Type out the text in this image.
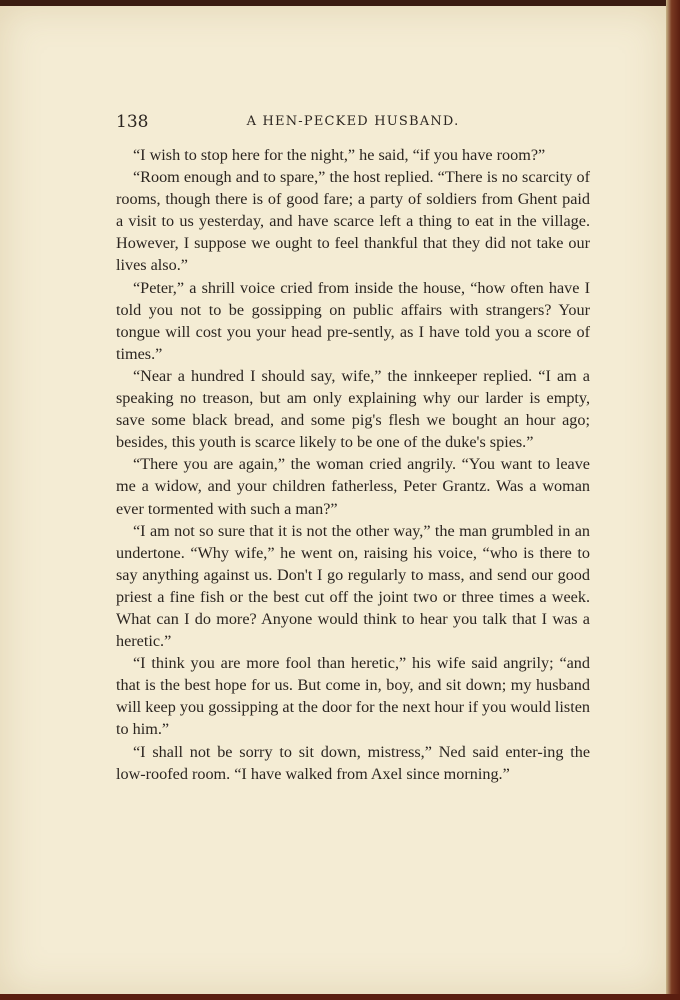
138	A HEN-PECKED HUSBAND.

“I wish to stop here for the night,” he said, “if you have room?”

“Room enough and to spare,” the host replied. “There is no scarcity of rooms, though there is of good fare; a party of soldiers from Ghent paid a visit to us yesterday, and have scarce left a thing to eat in the village. However, I suppose we ought to feel thankful that they did not take our lives also.”

“Peter,” a shrill voice cried from inside the house, “how often have I told you not to be gossipping on public affairs with strangers? Your tongue will cost you your head pre-sently, as I have told you a score of times.”

“Near a hundred I should say, wife,” the innkeeper replied. “I am a speaking no treason, but am only explaining why our larder is empty, save some black bread, and some pig's flesh we bought an hour ago; besides, this youth is scarce likely to be one of the duke's spies.”

“There you are again,” the woman cried angrily. “You want to leave me a widow, and your children fatherless, Peter Grantz. Was a woman ever tormented with such a man?”

“I am not so sure that it is not the other way,” the man grumbled in an undertone. “Why wife,” he went on, raising his voice, “who is there to say anything against us. Don't I go regularly to mass, and send our good priest a fine fish or the best cut off the joint two or three times a week. What can I do more? Anyone would think to hear you talk that I was a heretic.”

“I think you are more fool than heretic,” his wife said angrily; “and that is the best hope for us. But come in, boy, and sit down; my husband will keep you gossipping at the door for the next hour if you would listen to him.”

“I shall not be sorry to sit down, mistress,” Ned said enter-ing the low-roofed room. “I have walked from Axel since morning.”
